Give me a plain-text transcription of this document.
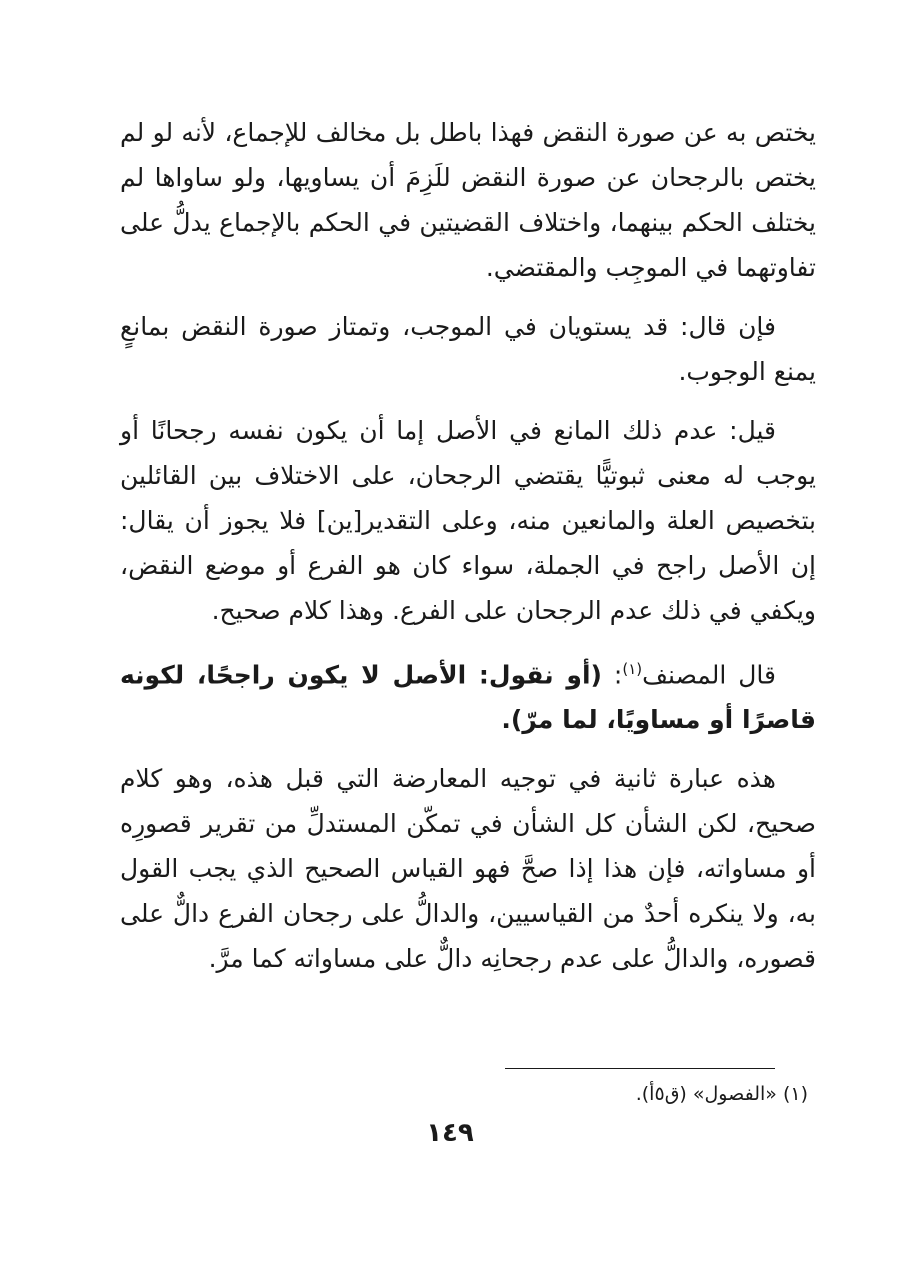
يختص به عن صورة النقض فهذا باطل بل مخالف للإجماع، لأنه لو لم يختص بالرجحان عن صورة النقض للَزِمَ أن يساويها، ولو ساواها لم يختلف الحكم بينهما، واختلاف القضيتين في الحكم بالإجماع يدلُّ على تفاوتهما في الموجِب والمقتضي.

فإن قال: قد يستويان في الموجب، وتمتاز صورة النقض بمانعٍ يمنع الوجوب.

قيل: عدم ذلك المانع في الأصل إما أن يكون نفسه رجحانًا أو يوجب له معنى ثبوتيًّا يقتضي الرجحان، على الاختلاف بين القائلين بتخصيص العلة والمانعين منه، وعلى التقدير[ين] فلا يجوز أن يقال: إن الأصل راجح في الجملة، سواء كان هو الفرع أو موضع النقض، ويكفي في ذلك عدم الرجحان على الفرع. وهذا كلام صحيح.

قال المصنف$^{(١)}$: (أو نقول: الأصل لا يكون راجحًا، لكونه قاصرًا أو مساويًا، لما مرّ).

هذه عبارة ثانية في توجيه المعارضة التي قبل هذه، وهو كلام صحيح، لكن الشأن كل الشأن في تمكّن المستدلِّ من تقرير قصورِه أو مساواته، فإن هذا إذا صحَّ فهو القياس الصحيح الذي يجب القول به، ولا ينكره أحدٌ من القياسيين، والدالُّ على رجحان الفرع دالٌّ على قصوره، والدالُّ على عدم رجحانِه دالٌّ على مساواته كما مرَّ.

(١) «الفصول» (ق٥أ).
١٤٩
